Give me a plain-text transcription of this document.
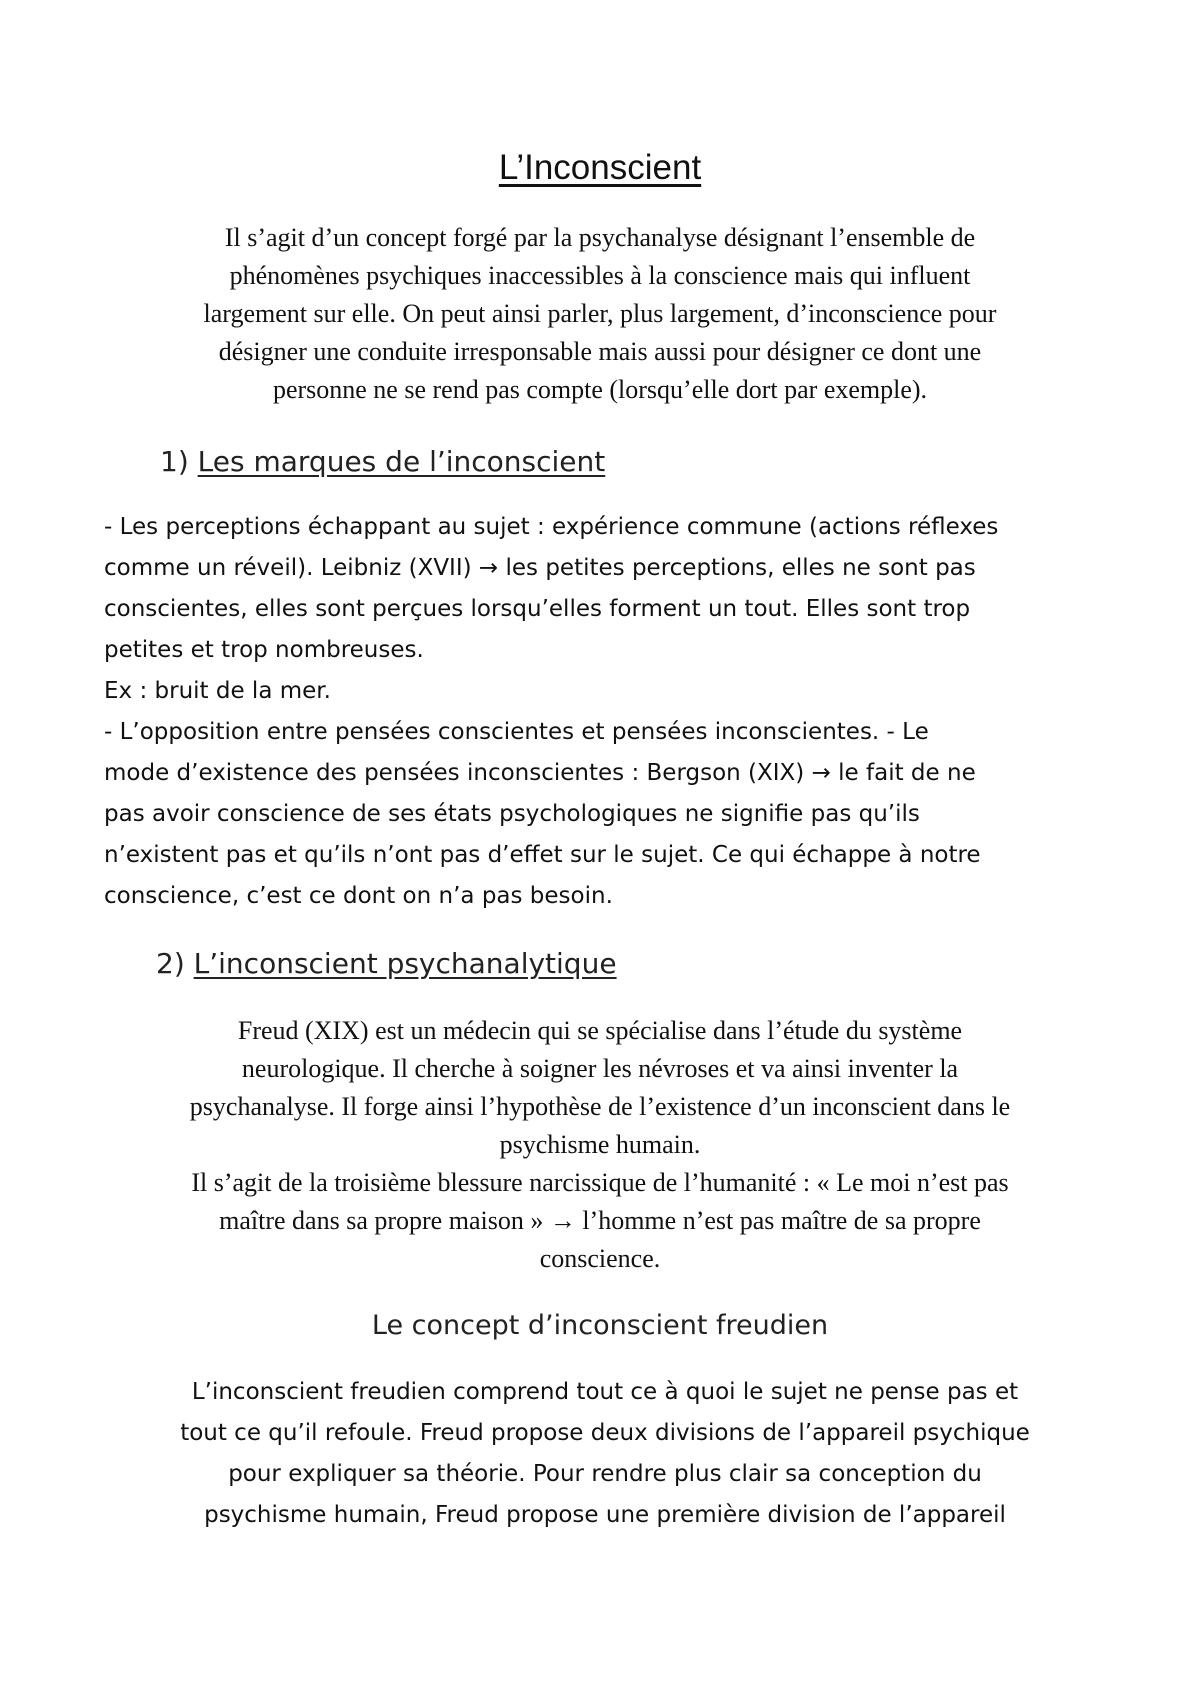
L’Inconscient

Il s’agit d’un concept forgé par la psychanalyse désignant l’ensemble de
phénomènes psychiques inaccessibles à la conscience mais qui influent
largement sur elle. On peut ainsi parler, plus largement, d’inconscience pour
désigner une conduite irresponsable mais aussi pour désigner ce dont une
personne ne se rend pas compte (lorsqu’elle dort par exemple).

1) Les marques de l’inconscient

- Les perceptions échappant au sujet : expérience commune (actions réflexes
comme un réveil). Leibniz (XVII) → les petites perceptions, elles ne sont pas
conscientes, elles sont perçues lorsqu’elles forment un tout. Elles sont trop
petites et trop nombreuses.
Ex : bruit de la mer.
- L’opposition entre pensées conscientes et pensées inconscientes. - Le
mode d’existence des pensées inconscientes : Bergson (XIX) → le fait de ne
pas avoir conscience de ses états psychologiques ne signifie pas qu’ils
n’existent pas et qu’ils n’ont pas d’effet sur le sujet. Ce qui échappe à notre
conscience, c’est ce dont on n’a pas besoin.

2) L’inconscient psychanalytique

Freud (XIX) est un médecin qui se spécialise dans l’étude du système
neurologique. Il cherche à soigner les névroses et va ainsi inventer la
psychanalyse. Il forge ainsi l’hypothèse de l’existence d’un inconscient dans le
psychisme humain.
Il s’agit de la troisième blessure narcissique de l’humanité : « Le moi n’est pas
maître dans sa propre maison » → l’homme n’est pas maître de sa propre
conscience.

Le concept d’inconscient freudien

L’inconscient freudien comprend tout ce à quoi le sujet ne pense pas et
tout ce qu’il refoule. Freud propose deux divisions de l’appareil psychique
pour expliquer sa théorie. Pour rendre plus clair sa conception du
psychisme humain, Freud propose une première division de l’appareil
